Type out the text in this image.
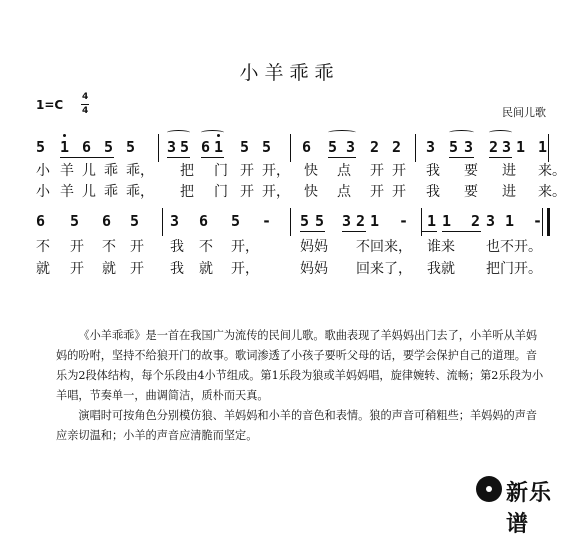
小羊乖乖
1=C
4
4	民间儿歌
5 1 6 5 5 3 5 6 1 5 5 6 5 3 2 2 3 5 3 2 3 1 1
小 羊 儿 乖 乖， 把 门 开 开， 快 点 开 开 我 要 进 来。
小 羊 儿 乖 乖， 把 门 开 开， 快 点 开 开 我 要 进 来。
6 5 6 5 3 6 5 - 5 5 3 2 1 - 1 1 2 3 1 -
不 开 不 开 我 不 开，	妈妈 不回来， 谁来 也不开。
就 开 就 开 我 就 开，	妈妈 回来了， 我就 把门开。

《小羊乖乖》是一首在我国广为流传的民间儿歌。歌曲表现了羊妈妈出门去了，小羊听从羊妈妈的吩咐，坚持不给狼开门的故事。歌词渗透了小孩子要听父母的话，要学会保护自己的道理。音乐为2段体结构，每个乐段由4小节组成。第1乐段为狼或羊妈妈唱，旋律婉转、流畅；第2乐段为小羊唱，节奏单一，曲调简洁，质朴而天真。

演唱时可按角色分别模仿狼、羊妈妈和小羊的音色和表情。狼的声音可稍粗些；羊妈妈的声音应亲切温和；小羊的声音应清脆而坚定。

新乐谱
